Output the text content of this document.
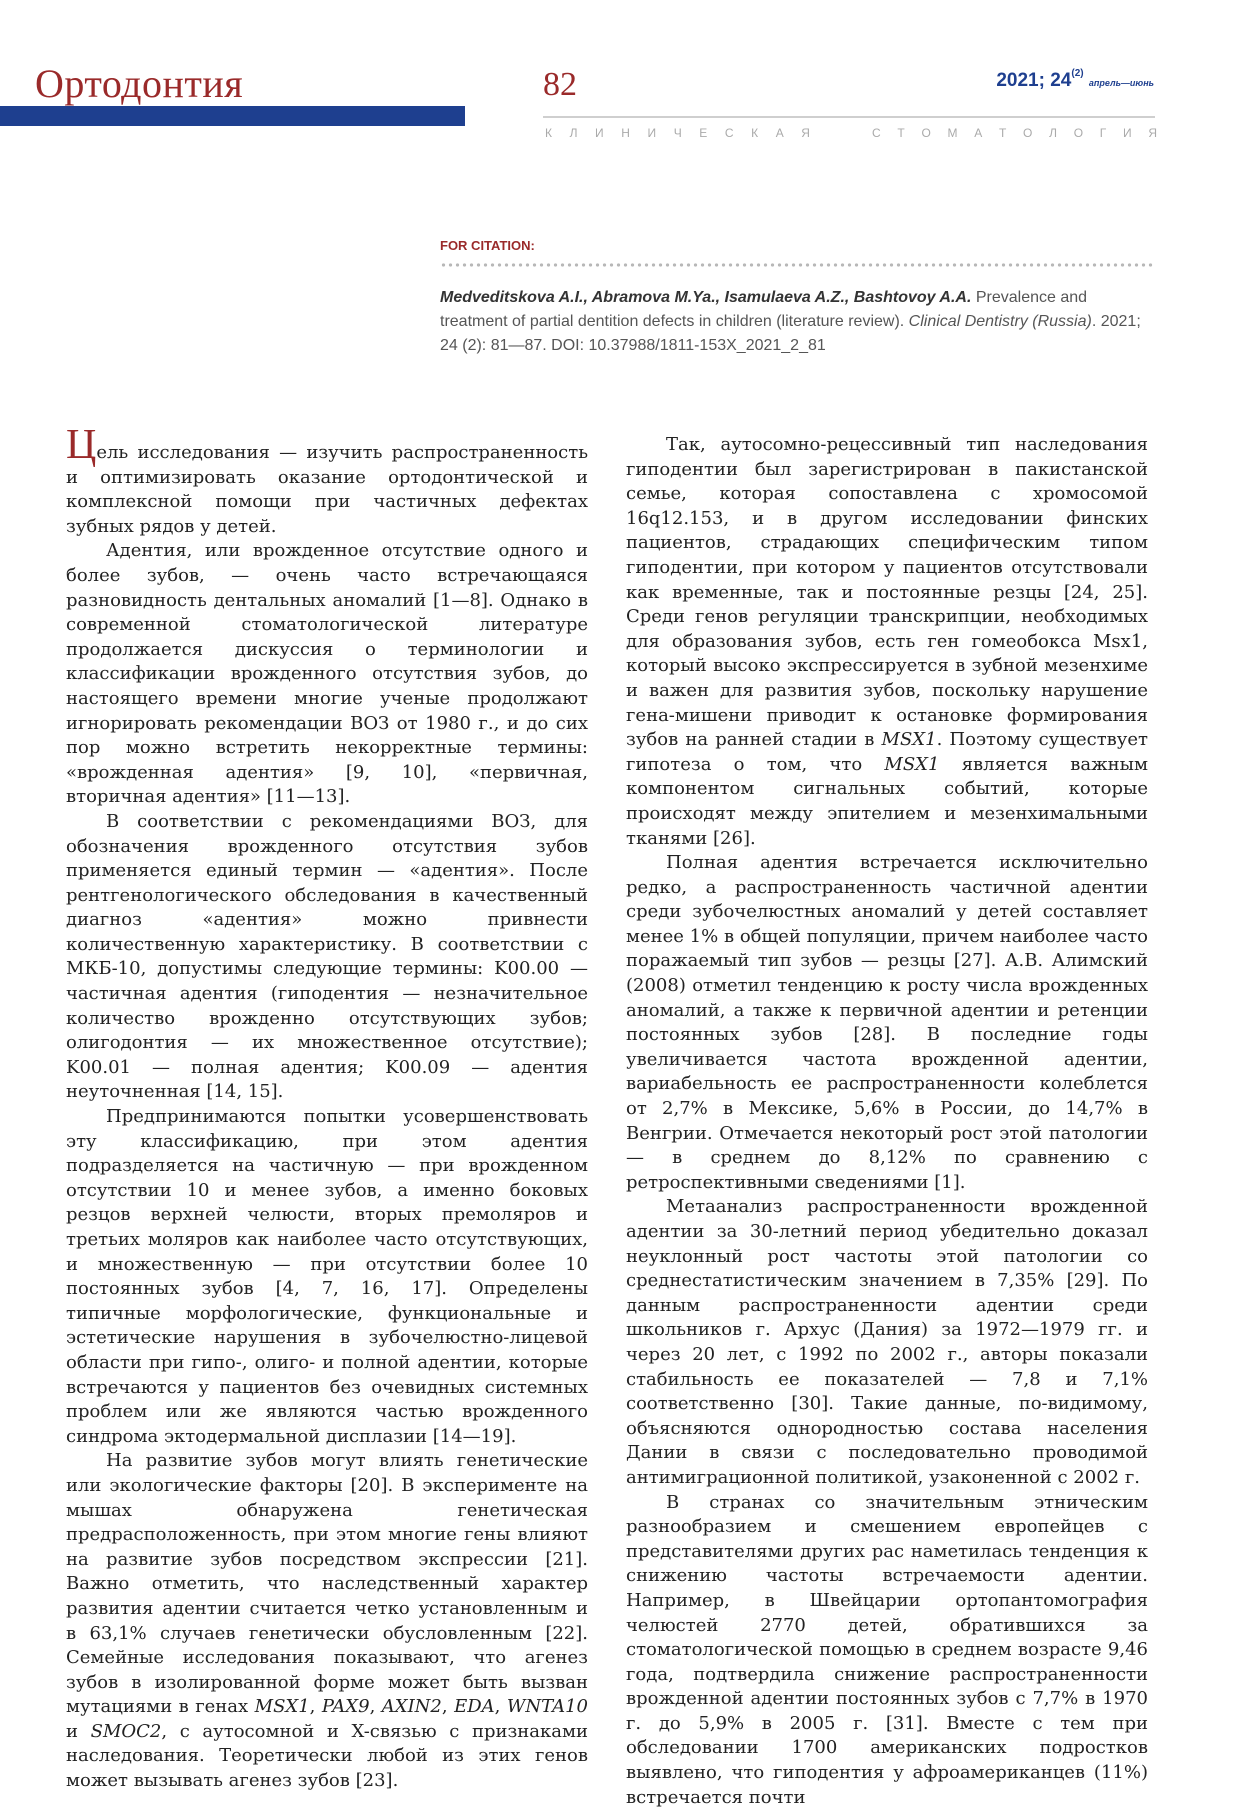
Ортодонтия	82	2021; 24$^{(2)}$ апрель—июнь
К Л И Н И Ч Е С К А Я	С Т О М А Т О Л О Г И Я
FOR CITATION:
Medveditskova A.I., Abramova M.Ya., Isamulaeva A.Z., Bashtovoy A.A. Prevalence and treatment of partial dentition defects in children (literature review). Clinical Dentistry (Russia). 2021; 24 (2): 81—87. DOI: 10.37988/1811-153X_2021_2_81

Цель исследования — изучить распространенность и оптимизировать оказание ортодонтической и комплексной помощи при частичных дефектах зубных рядов у детей.

Адентия, или врожденное отсутствие одного и более зубов, — очень часто встречающаяся разновидность дентальных аномалий [1—8]. Однако в современной стоматологической литературе продолжается дискуссия о терминологии и классификации врожденного отсутствия зубов, до настоящего времени многие ученые продолжают игнорировать рекомендации ВОЗ от 1980 г., и до сих пор можно встретить некорректные термины: «врожденная адентия» [9, 10], «первичная, вторичная адентия» [11—13].

В соответствии с рекомендациями ВОЗ, для обозначения врожденного отсутствия зубов применяется единый термин — «адентия». После рентгенологического обследования в качественный диагноз «адентия» можно привнести количественную характеристику. В соответствии с МКБ-10, допустимы следующие термины: K00.00 — частичная адентия (гиподентия — незначительное количество врожденно отсутствующих зубов; олигодонтия — их множественное отсутствие); K00.01 — полная адентия; K00.09 — адентия неуточненная [14, 15].

Предпринимаются попытки усовершенствовать эту классификацию, при этом адентия подразделяется на частичную — при врожденном отсутствии 10 и менее зубов, а именно боковых резцов верхней челюсти, вторых премоляров и третьих моляров как наиболее часто отсутствующих, и множественную — при отсутствии более 10 постоянных зубов [4, 7, 16, 17]. Определены типичные морфологические, функциональные и эстетические нарушения в зубочелюстно-лицевой области при гипо-, олиго- и полной адентии, которые встречаются у пациентов без очевидных системных проблем или же являются частью врожденного синдрома эктодермальной дисплазии [14—19].

На развитие зубов могут влиять генетические или экологические факторы [20]. В эксперименте на мышах обнаружена генетическая предрасположенность, при этом многие гены влияют на развитие зубов посредством экспрессии [21]. Важно отметить, что наследственный характер развития адентии считается четко установленным и в 63,1% случаев генетически обусловленным [22]. Семейные исследования показывают, что агенез зубов в изолированной форме может быть вызван мутациями в генах MSX1, PAX9, AXIN2, EDA, WNTA10 и SMOC2, с аутосомной и X-связью с признаками наследования. Теоретически любой из этих генов может вызывать агенез зубов [23].

Так, аутосомно-рецессивный тип наследования гиподентии был зарегистрирован в пакистанской семье, которая сопоставлена с хромосомой 16q12.153, и в другом исследовании финских пациентов, страдающих специфическим типом гиподентии, при котором у пациентов отсутствовали как временные, так и постоянные резцы [24, 25]. Среди генов регуляции транскрипции, необходимых для образования зубов, есть ген гомеобокса Msx1, который высоко экспрессируется в зубной мезенхиме и важен для развития зубов, поскольку нарушение гена-мишени приводит к остановке формирования зубов на ранней стадии в MSX1. Поэтому существует гипотеза о том, что MSX1 является важным компонентом сигнальных событий, которые происходят между эпителием и мезенхимальными тканями [26].

Полная адентия встречается исключительно редко, а распространенность частичной адентии среди зубочелюстных аномалий у детей составляет менее 1% в общей популяции, причем наиболее часто поражаемый тип зубов — резцы [27]. А.В. Алимский (2008) отметил тенденцию к росту числа врожденных аномалий, а также к первичной адентии и ретенции постоянных зубов [28]. В последние годы увеличивается частота врожденной адентии, вариабельность ее распространенности колеблется от 2,7% в Мексике, 5,6% в России, до 14,7% в Венгрии. Отмечается некоторый рост этой патологии — в среднем до 8,12% по сравнению с ретроспективными сведениями [1].

Метаанализ распространенности врожденной адентии за 30-летний период убедительно доказал неуклонный рост частоты этой патологии со среднестатистическим значением в 7,35% [29]. По данным распространенности адентии среди школьников г. Архус (Дания) за 1972—1979 гг. и через 20 лет, с 1992 по 2002 г., авторы показали стабильность ее показателей — 7,8 и 7,1% соответственно [30]. Такие данные, по-видимому, объясняются однородностью состава населения Дании в связи с последовательно проводимой антимиграционной политикой, узаконенной с 2002 г.

В странах со значительным этническим разнообразием и смешением европейцев с представителями других рас наметилась тенденция к снижению частоты встречаемости адентии. Например, в Швейцарии ортопантомография челюстей 2770 детей, обратившихся за стоматологической помощью в среднем возрасте 9,46 года, подтвердила снижение распространенности врожденной адентии постоянных зубов с 7,7% в 1970 г. до 5,9% в 2005 г. [31]. Вместе с тем при обследовании 1700 американских подростков выявлено, что гиподентия у афроамериканцев (11%) встречается почти
